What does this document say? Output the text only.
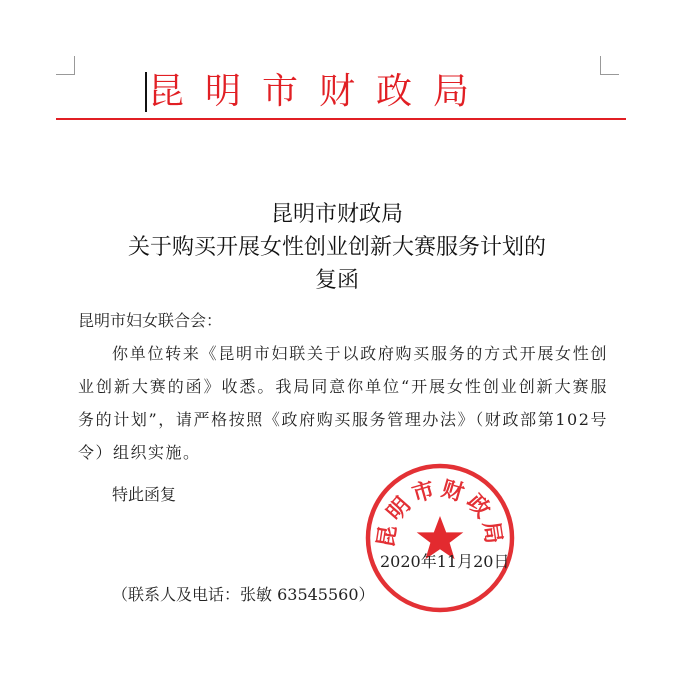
昆明市财政局
昆明市财政局
关于购买开展女性创业创新大赛服务计划的
复函
昆明市妇女联合会：
你单位转来《昆明市妇联关于以政府购买服务的方式开展女性创业创新大赛的函》收悉。我局同意你单位“开展女性创业创新大赛服务的计划”，请严格按照《政府购买服务管理办法》（财政部第102号令）组织实施。
特此函复
昆明市财政局
2020年11月20日
（联系人及电话：张敏 63545560）
